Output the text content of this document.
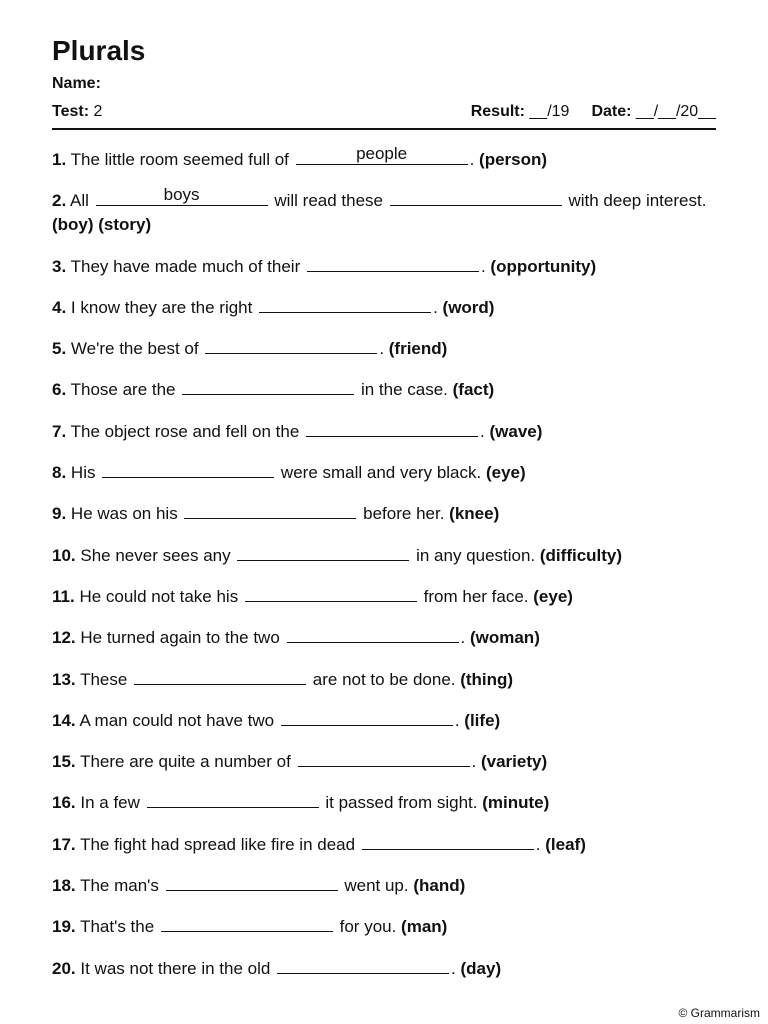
Plurals
Name:
Test: 2	Result: __/19 Date: __/__/20__
1. The little room seemed full of	people	. (person)
2. All	boys	will read these	with deep interest. (boy) (story)
3. They have made much of their	. (opportunity)
4. I know they are the right	. (word)
5. We're the best of	. (friend)
6. Those are the	in the case. (fact)
7. The object rose and fell on the	. (wave)
8. His	were small and very black. (eye)
9. He was on his	before her. (knee)
10. She never sees any	in any question. (difficulty)
11. He could not take his	from her face. (eye)
12. He turned again to the two	. (woman)
13. These	are not to be done. (thing)
14. A man could not have two	. (life)
15. There are quite a number of	. (variety)
16. In a few	it passed from sight. (minute)
17. The fight had spread like fire in dead	. (leaf)
18. The man's	went up. (hand)
19. That's the	for you. (man)
20. It was not there in the old	. (day)
© Grammarism
